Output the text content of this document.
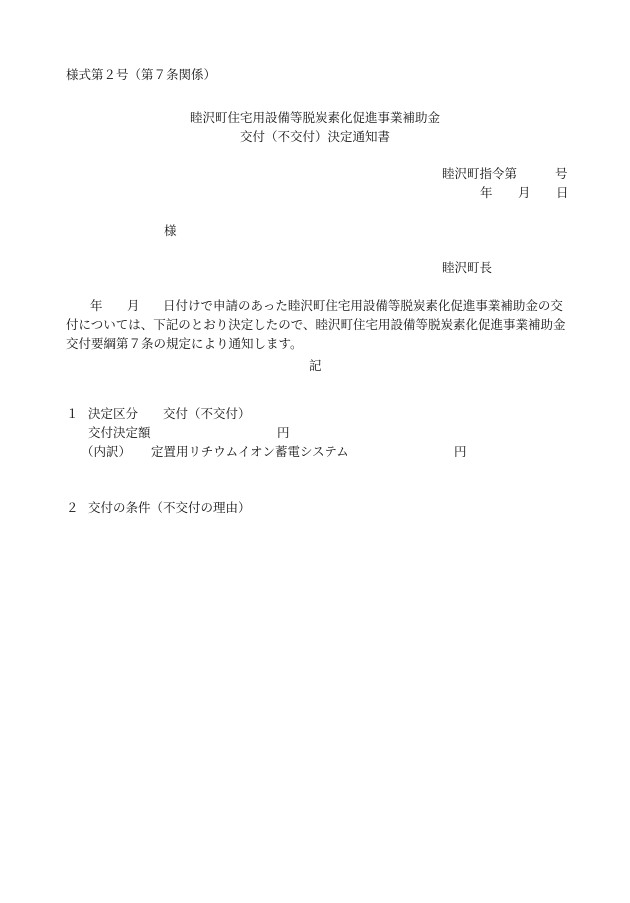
様式第２号（第７条関係）
睦沢町住宅用設備等脱炭素化促進事業補助金
交付（不交付）決定通知書
睦沢町指令第	号
年 月 日
様
睦沢町長
年 月 日付けで申請のあった睦沢町住宅用設備等脱炭素化促進事業補助金の交
付については、下記のとおり決定したので、睦沢町住宅用設備等脱炭素化促進事業補助金
交付要綱第７条の規定により通知します。
記
１ 決定区分 交付（不交付）
交付決定額	円
（内訳） 定置用リチウムイオン蓄電システム	円
２ 交付の条件（不交付の理由）
